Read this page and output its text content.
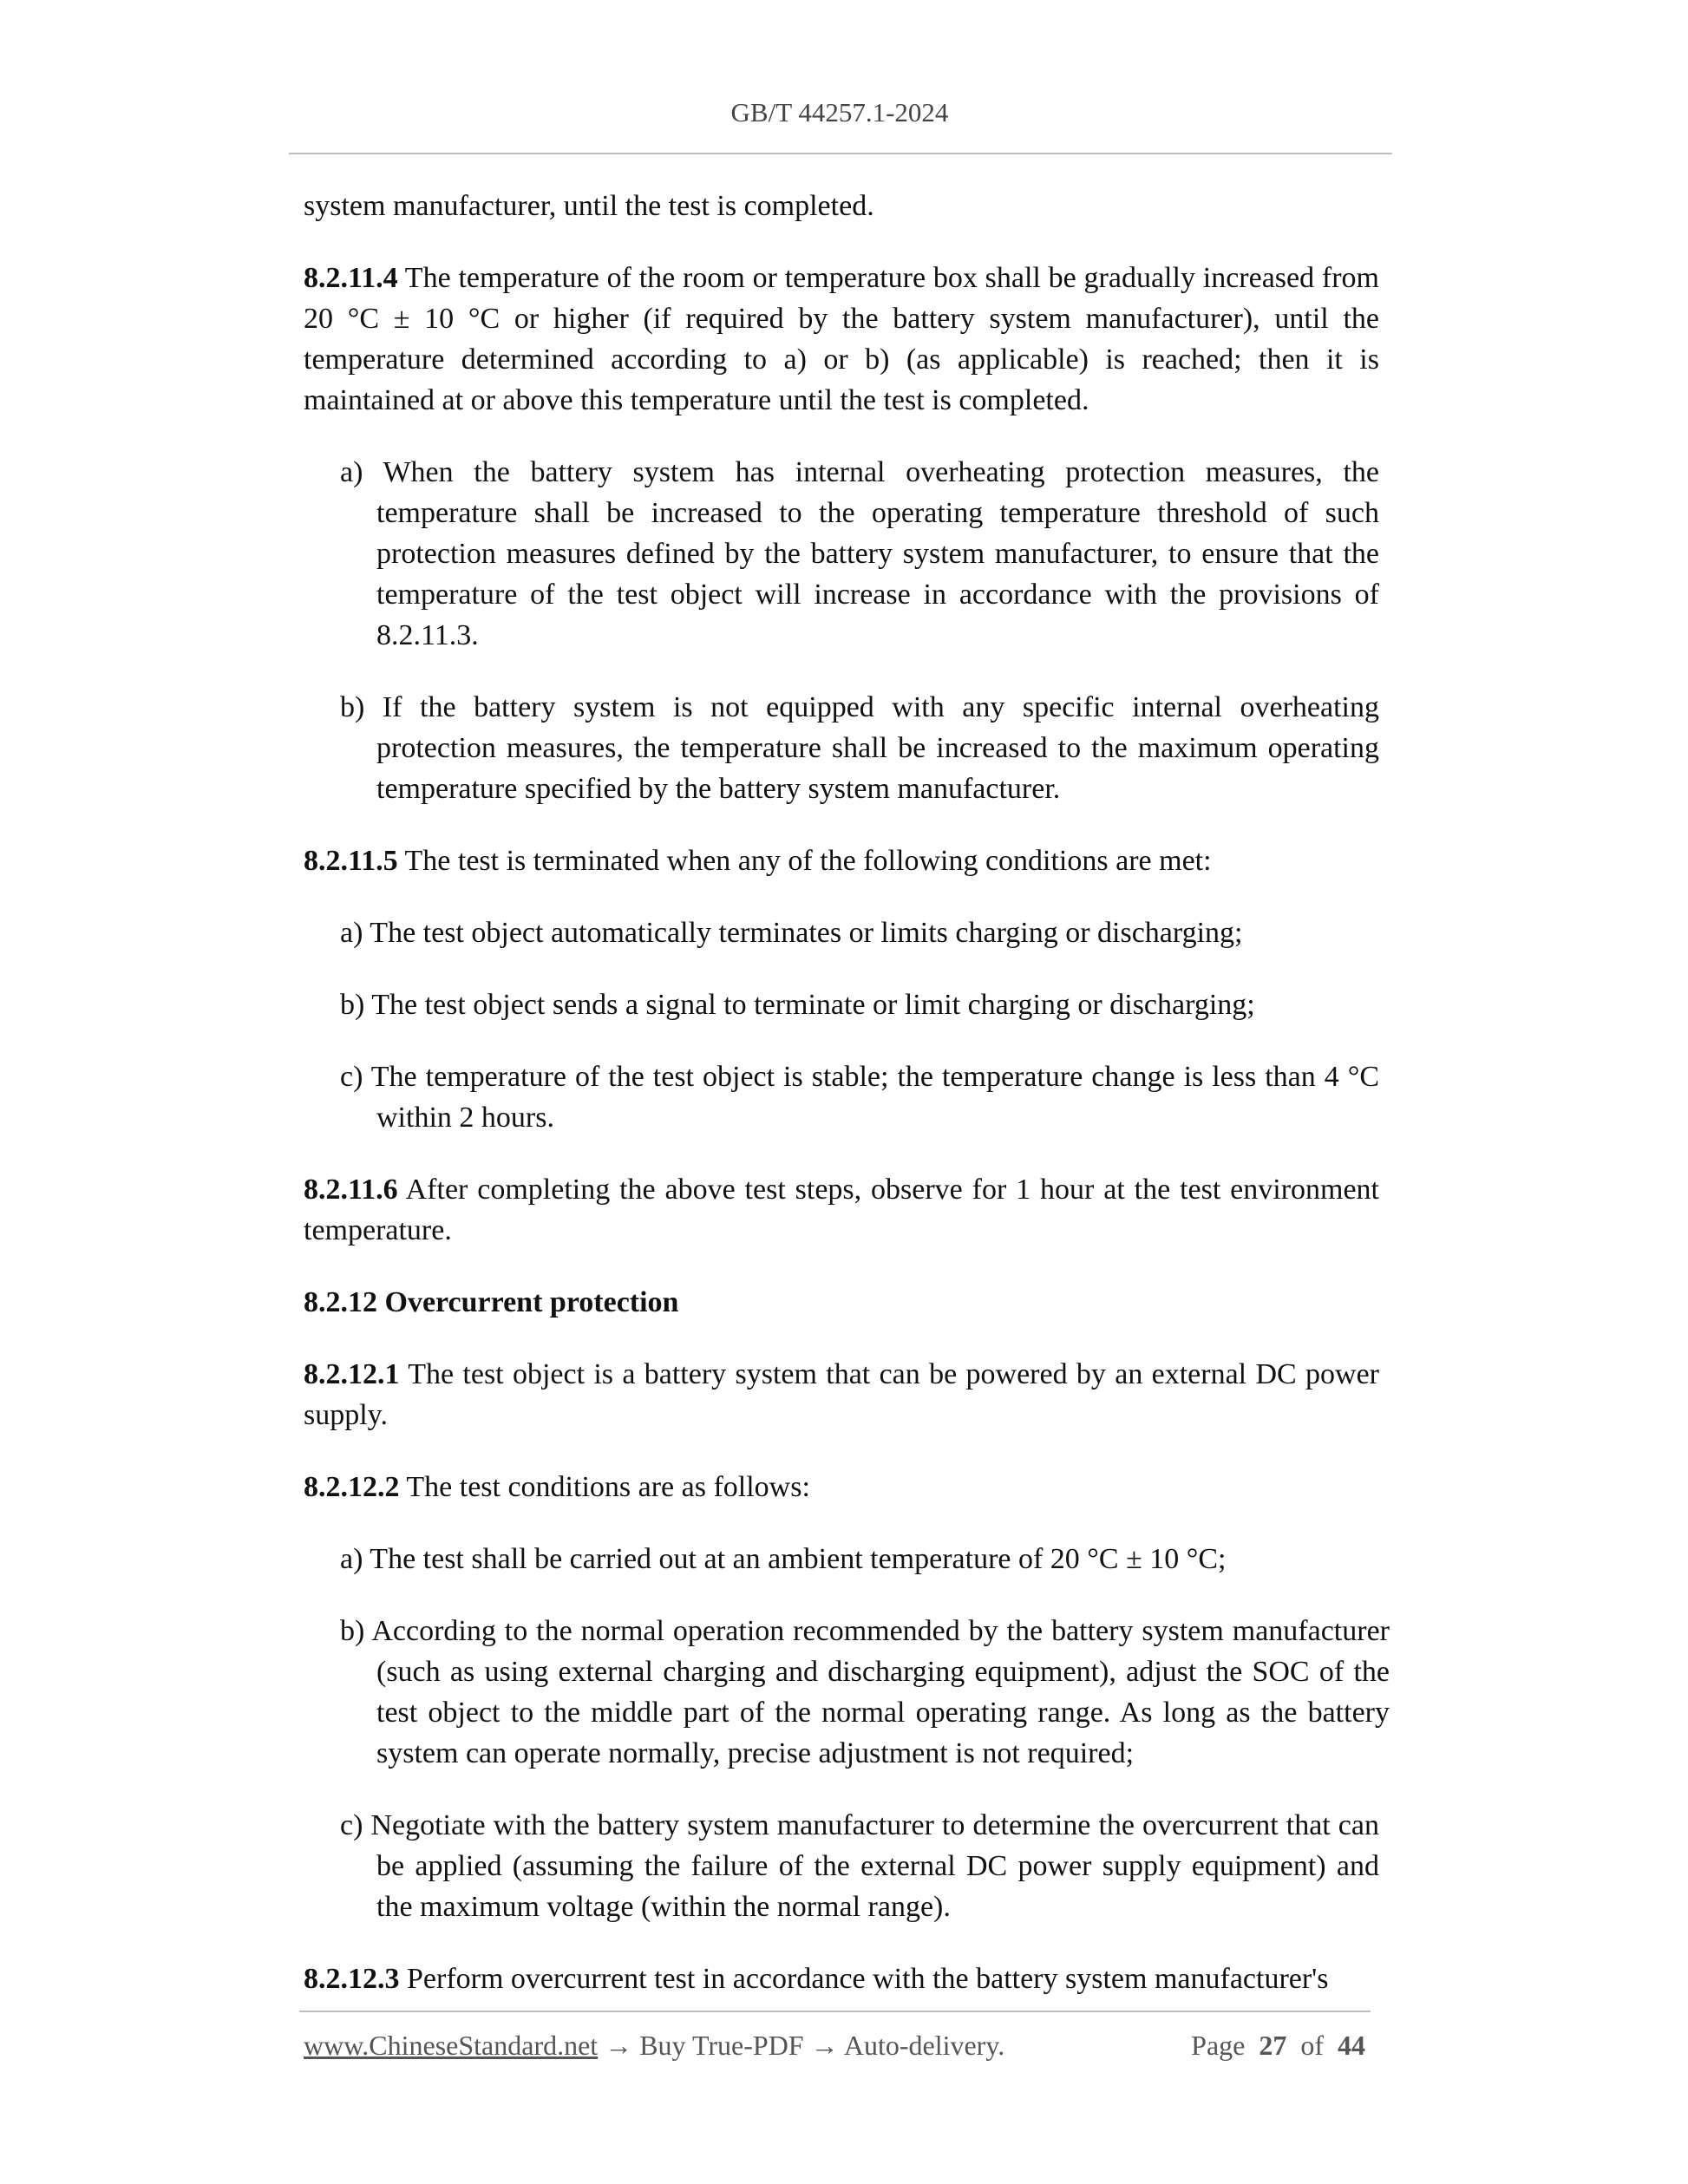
GB/T 44257.1-2024

system manufacturer, until the test is completed.

8.2.11.4 The temperature of the room or temperature box shall be gradually increased from 20 °C ± 10 °C or higher (if required by the battery system manufacturer), until the temperature determined according to a) or b) (as applicable) is reached; then it is maintained at or above this temperature until the test is completed.

a) When the battery system has internal overheating protection measures, the temperature shall be increased to the operating temperature threshold of such protection measures defined by the battery system manufacturer, to ensure that the temperature of the test object will increase in accordance with the provisions of 8.2.11.3.
b) If the battery system is not equipped with any specific internal overheating protection measures, the temperature shall be increased to the maximum operating temperature specified by the battery system manufacturer.

8.2.11.5 The test is terminated when any of the following conditions are met:

a) The test object automatically terminates or limits charging or discharging;
b) The test object sends a signal to terminate or limit charging or discharging;
c) The temperature of the test object is stable; the temperature change is less than 4 °C within 2 hours.

8.2.11.6 After completing the above test steps, observe for 1 hour at the test environment temperature.

8.2.12 Overcurrent protection

8.2.12.1 The test object is a battery system that can be powered by an external DC power supply.

8.2.12.2 The test conditions are as follows:

a) The test shall be carried out at an ambient temperature of 20 °C ± 10 °C;
b) According to the normal operation recommended by the battery system manufacturer (such as using external charging and discharging equipment), adjust the SOC of the test object to the middle part of the normal operating range. As long as the battery system can operate normally, precise adjustment is not required;
c) Negotiate with the battery system manufacturer to determine the overcurrent that can be applied (assuming the failure of the external DC power supply equipment) and the maximum voltage (within the normal range).

8.2.12.3 Perform overcurrent test in accordance with the battery system manufacturer's

www.ChineseStandard.net → Buy True-PDF → Auto-delivery.	Page 27 of 44
